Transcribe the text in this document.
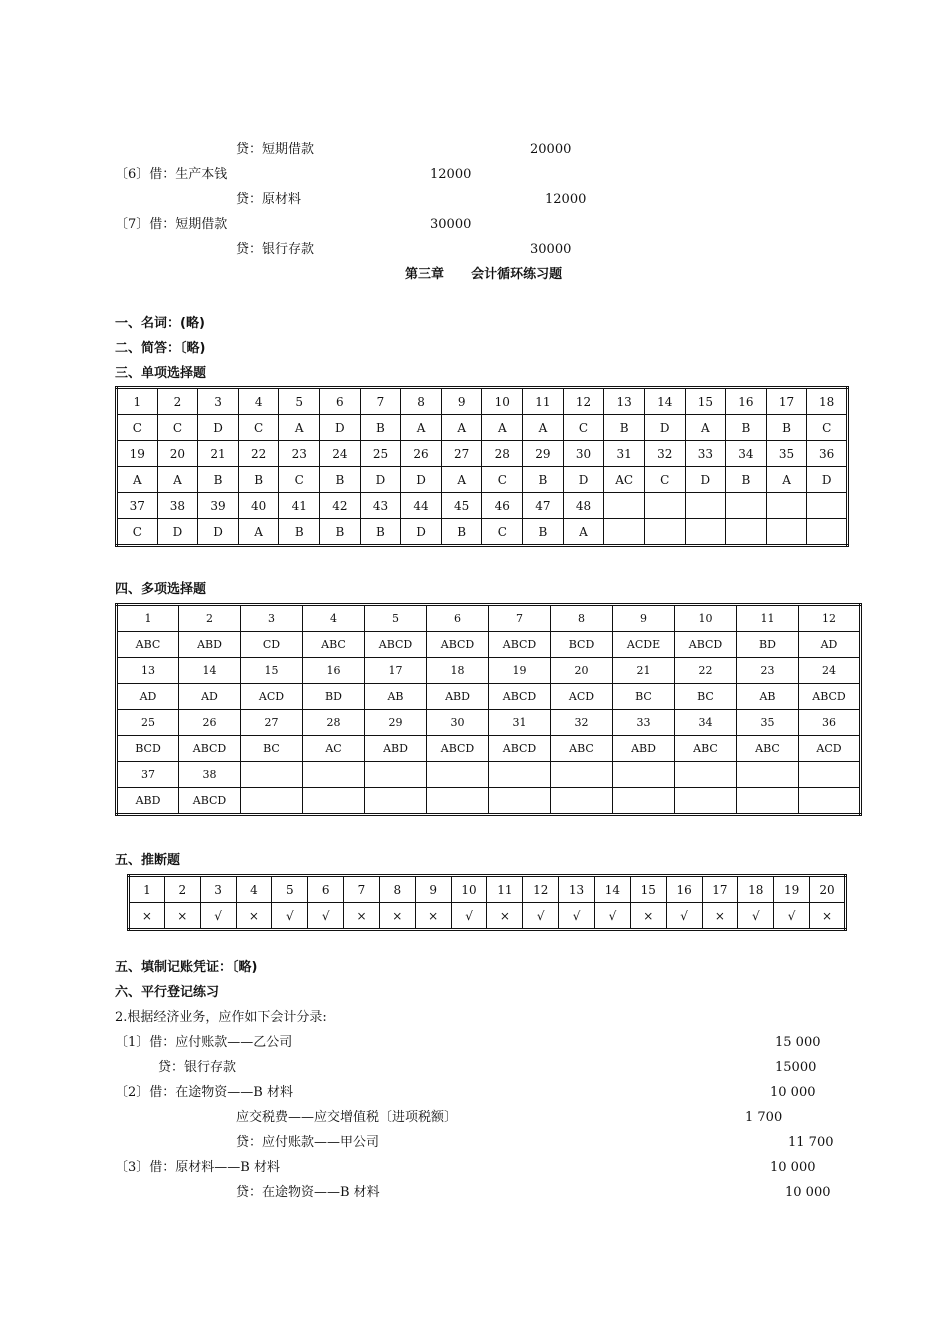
贷：短期借款	20000
〔6〕借：生产本钱	12000
贷：原材料	12000
〔7〕借：短期借款	30000
贷：银行存款	30000
第三章      会计循环练习题
一、名词：(略)
二、简答：〔略)
三、单项选择题
1	2	3	4	5	6	7	8	9	10	11	12	13	14	15	16	17	18
C	C	D	C	A	D	B	A	A	A	A	C	B	D	A	B	B	C
19	20	21	22	23	24	25	26	27	28	29	30	31	32	33	34	35	36
A	A	B	B	C	B	D	D	A	C	B	D	AC	C	D	B	A	D
37	38	39	40	41	42	43	44	45	46	47	48						
C	D	D	A	B	B	B	D	B	C	B	A						
四、多项选择题
1	2	3	4	5	6	7	8	9	10	11	12
ABC	ABD	CD	ABC	ABCD	ABCD	ABCD	BCD	ACDE	ABCD	BD	AD
13	14	15	16	17	18	19	20	21	22	23	24
AD	AD	ACD	BD	AB	ABD	ABCD	ACD	BC	BC	AB	ABCD
25	26	27	28	29	30	31	32	33	34	35	36
BCD	ABCD	BC	AC	ABD	ABCD	ABCD	ABC	ABD	ABC	ABC	ACD
37	38										
ABD	ABCD										
五、推断题
1	2	3	4	5	6	7	8	9	10	11	12	13	14	15	16	17	18	19	20
×	×	√	×	√	√	×	×	×	√	×	√	√	√	×	√	×	√	√	×
五、填制记账凭证：〔略)
六、平行登记练习
2.根据经济业务，应作如下会计分录:
〔1〕借：应付账款——乙公司	15 000
贷：银行存款	15000
〔2〕借：在途物资——B 材料	10 000
应交税费——应交增值税〔进项税额〕	1 700
贷：应付账款——甲公司	11 700
〔3〕借：原材料——B 材料	10 000
贷：在途物资——B 材料	10 000
